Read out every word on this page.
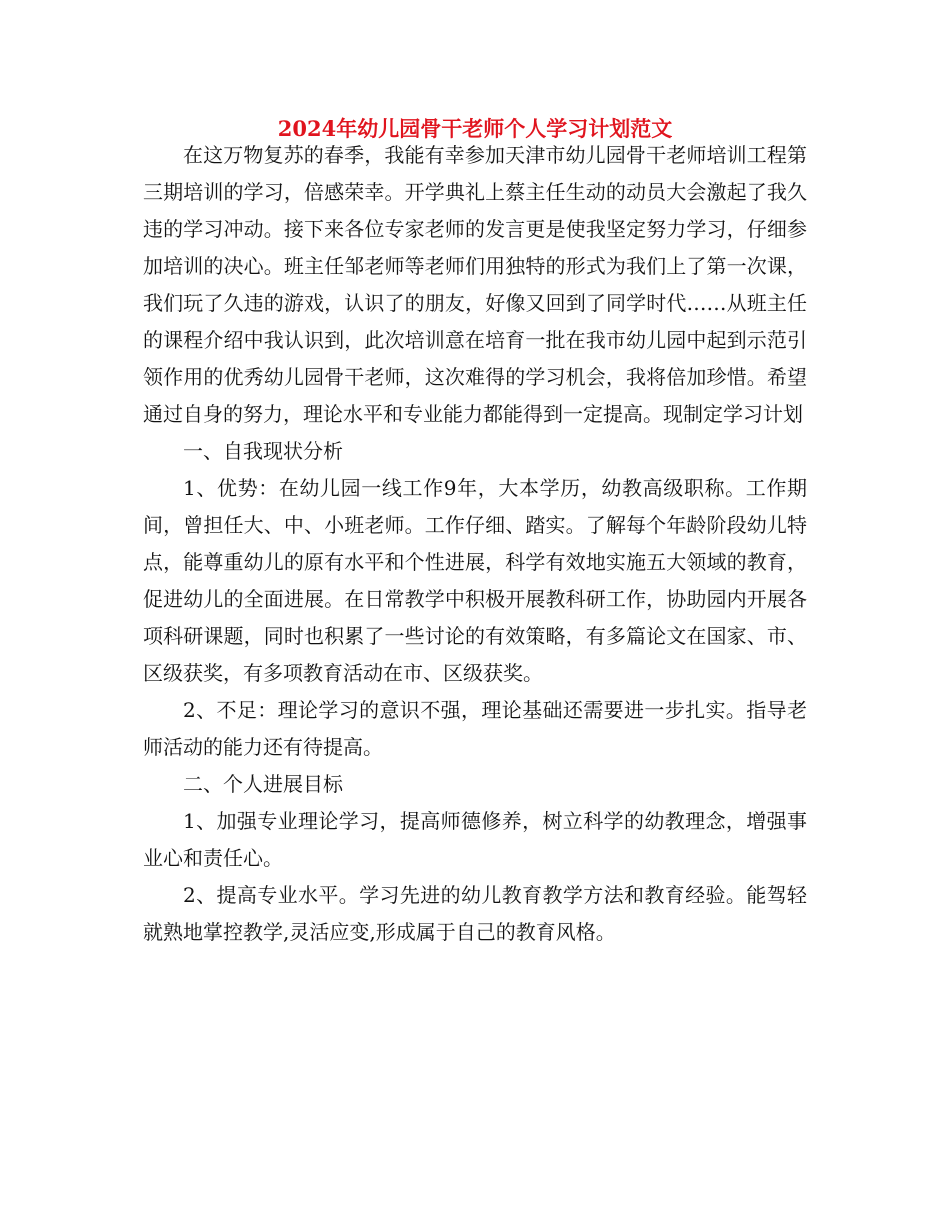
2024年幼儿园骨干老师个人学习计划范文

在这万物复苏的春季，我能有幸参加天津市幼儿园骨干老师培训工程第三期培训的学习，倍感荣幸。开学典礼上蔡主任生动的动员大会激起了我久违的学习冲动。接下来各位专家老师的发言更是使我坚定努力学习，仔细参加培训的决心。班主任邹老师等老师们用独特的形式为我们上了第一次课，我们玩了久违的游戏，认识了的朋友，好像又回到了同学时代……从班主任的课程介绍中我认识到，此次培训意在培育一批在我市幼儿园中起到示范引领作用的优秀幼儿园骨干老师，这次难得的学习机会，我将倍加珍惜。希望通过自身的努力，理论水平和专业能力都能得到一定提高。现制定学习计划

一、自我现状分析

1、优势：在幼儿园一线工作9年，大本学历，幼教高级职称。工作期间，曾担任大、中、小班老师。工作仔细、踏实。了解每个年龄阶段幼儿特点，能尊重幼儿的原有水平和个性进展，科学有效地实施五大领域的教育，促进幼儿的全面进展。在日常教学中积极开展教科研工作，协助园内开展各项科研课题，同时也积累了一些讨论的有效策略，有多篇论文在国家、市、区级获奖，有多项教育活动在市、区级获奖。

2、不足：理论学习的意识不强，理论基础还需要进一步扎实。指导老师活动的能力还有待提高。

二、个人进展目标

1、加强专业理论学习，提高师德修养，树立科学的幼教理念，增强事业心和责任心。

2、提高专业水平。学习先进的幼儿教育教学方法和教育经验。能驾轻就熟地掌控教学,灵活应变,形成属于自己的教育风格。
